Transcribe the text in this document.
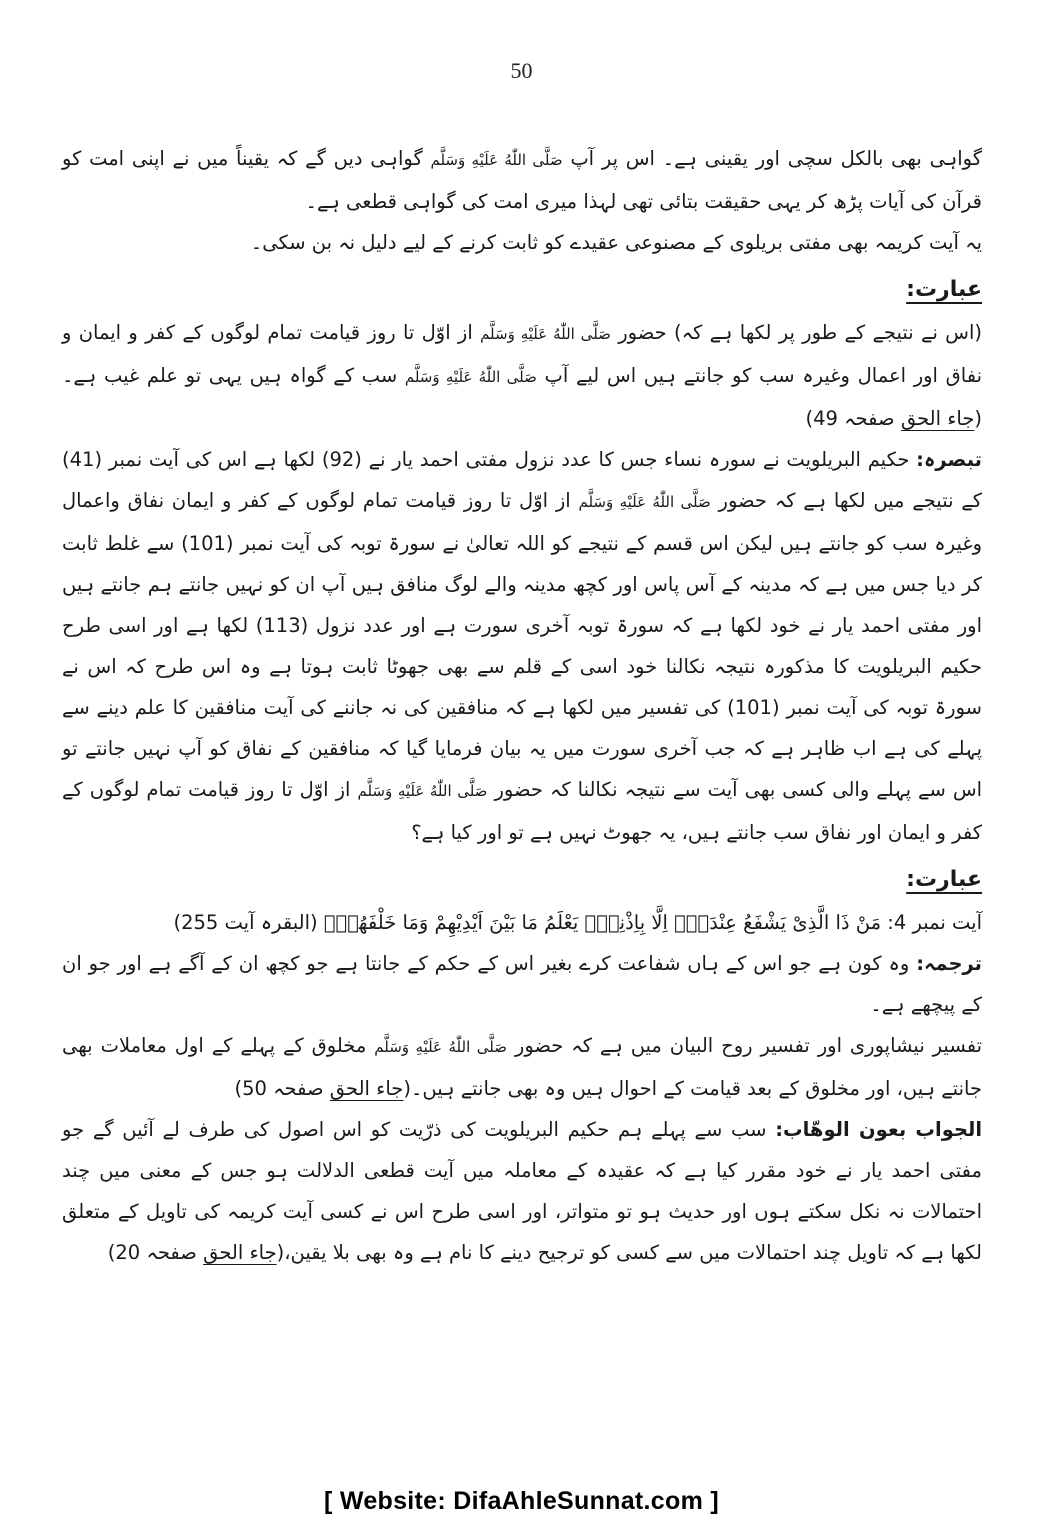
50

گواہی بھی بالکل سچی اور یقینی ہے۔ اس پر آپ صَلَّى اللّٰهُ عَلَيْهِ وَسَلَّم گواہی دیں گے کہ یقیناً میں نے اپنی امت کو قرآن کی آیات پڑھ کر یہی حقیقت بتائی تھی لہذا میری امت کی گواہی قطعی ہے۔

یہ آیت کریمہ بھی مفتی بریلوی کے مصنوعی عقیدے کو ثابت کرنے کے لیے دلیل نہ بن سکی۔

عبارت:

(اس نے نتیجے کے طور پر لکھا ہے کہ) حضور صَلَّى اللّٰهُ عَلَيْهِ وَسَلَّم از اوّل تا روز قیامت تمام لوگوں کے کفر و ایمان و نفاق اور اعمال وغیرہ سب کو جانتے ہیں اس لیے آپ صَلَّى اللّٰهُ عَلَيْهِ وَسَلَّم سب کے گواہ ہیں یہی تو علم غیب ہے۔(جاء الحق صفحہ 49)

تبصرہ: حکیم البریلویت نے سورہ نساء جس کا عدد نزول مفتی احمد یار نے (92) لکھا ہے اس کی آیت نمبر (41) کے نتیجے میں لکھا ہے کہ حضور صَلَّى اللّٰهُ عَلَيْهِ وَسَلَّم از اوّل تا روز قیامت تمام لوگوں کے کفر و ایمان نفاق واعمال وغیرہ سب کو جانتے ہیں لیکن اس قسم کے نتیجے کو اللہ تعالیٰ نے سورۃ توبہ کی آیت نمبر (101) سے غلط ثابت کر دیا جس میں ہے کہ مدینہ کے آس پاس اور کچھ مدینہ والے لوگ منافق ہیں آپ ان کو نہیں جانتے ہم جانتے ہیں اور مفتی احمد یار نے خود لکھا ہے کہ سورۃ توبہ آخری سورت ہے اور عدد نزول (113) لکھا ہے اور اسی طرح حکیم البریلویت کا مذکورہ نتیجہ نکالنا خود اسی کے قلم سے بھی جھوٹا ثابت ہوتا ہے وہ اس طرح کہ اس نے سورۃ توبہ کی آیت نمبر (101) کی تفسیر میں لکھا ہے کہ منافقین کی نہ جاننے کی آیت منافقین کا علم دینے سے پہلے کی ہے اب ظاہر ہے کہ جب آخری سورت میں یہ بیان فرمایا گیا کہ منافقین کے نفاق کو آپ نہیں جانتے تو اس سے پہلے والی کسی بھی آیت سے نتیجہ نکالنا کہ حضور صَلَّى اللّٰهُ عَلَيْهِ وَسَلَّم از اوّل تا روز قیامت تمام لوگوں کے کفر و ایمان اور نفاق سب جانتے ہیں، یہ جھوٹ نہیں ہے تو اور کیا ہے؟

عبارت:

آیت نمبر 4: مَنْ ذَا الَّذِیْ یَشْفَعُ عِنْدَهٗۤ اِلَّا بِاِذْنِهٖؕ یَعْلَمُ مَا بَیْنَ اَیْدِیْهِمْ وَمَا خَلْفَهُمْۚ (البقرہ آیت 255)

ترجمہ: وہ کون ہے جو اس کے ہاں شفاعت کرے بغیر اس کے حکم کے جانتا ہے جو کچھ ان کے آگے ہے اور جو ان کے پیچھے ہے۔

تفسیر نیشاپوری اور تفسیر روح البیان میں ہے کہ حضور صَلَّى اللّٰهُ عَلَيْهِ وَسَلَّم مخلوق کے پہلے کے اول معاملات بھی جانتے ہیں، اور مخلوق کے بعد قیامت کے احوال ہیں وہ بھی جانتے ہیں۔(جاء الحق صفحہ 50)

الجواب بعون الوھّاب: سب سے پہلے ہم حکیم البریلویت کی ذرّیت کو اس اصول کی طرف لے آئیں گے جو مفتی احمد یار نے خود مقرر کیا ہے کہ عقیدہ کے معاملہ میں آیت قطعی الدلالت ہو جس کے معنی میں چند احتمالات نہ نکل سکتے ہوں اور حدیث ہو تو متواتر، اور اسی طرح اس نے کسی آیت کریمہ کی تاویل کے متعلق لکھا ہے کہ تاویل چند احتمالات میں سے کسی کو ترجیح دینے کا نام ہے وہ بھی بلا یقین،(جاء الحق صفحہ 20)

[ Website: DifaAhleSunnat.com ]
